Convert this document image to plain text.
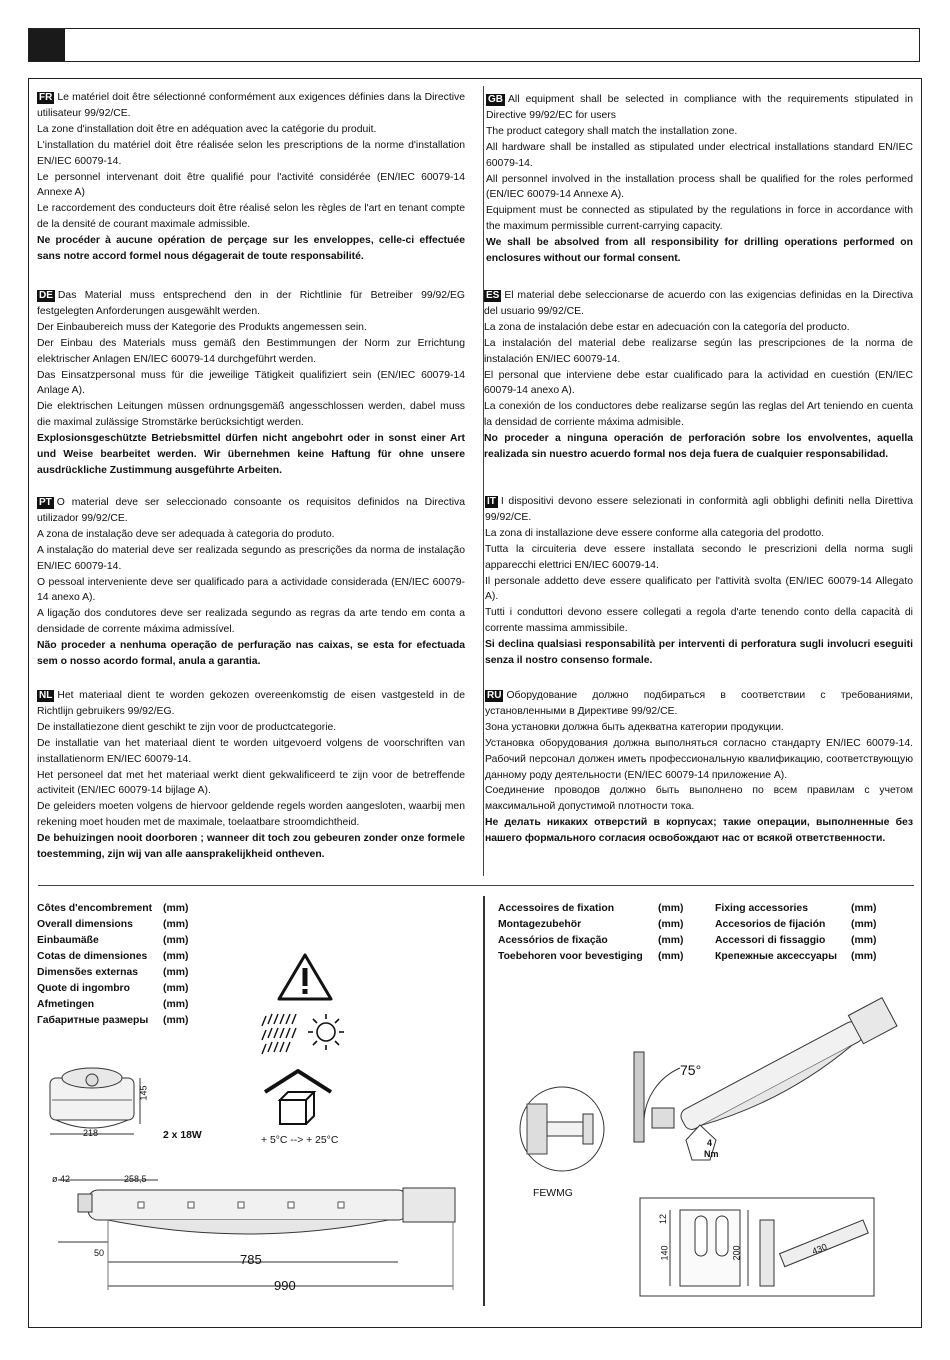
FR Le matériel doit être sélectionné conformément aux exigences définies dans la Directive utilisateur 99/92/CE.

La zone d'installation doit être en adéquation avec la catégorie du produit.

L'installation du matériel doit être réalisée selon les prescriptions de la norme d'installation EN/IEC 60079-14.

Le personnel intervenant doit être qualifié pour l'activité considérée (EN/IEC 60079-14 Annexe A)

Le raccordement des conducteurs doit être réalisé selon les règles de l'art en tenant compte de la densité de courant maximale admissible.

Ne procéder à aucune opération de perçage sur les enveloppes, celle-ci effectuée sans notre accord formel nous dégagerait de toute responsabilité.

GB All equipment shall be selected in compliance with the requirements stipulated in Directive 99/92/EC for users

The product category shall match the installation zone.

All hardware shall be installed as stipulated under electrical installations standard EN/IEC 60079-14.

All personnel involved in the installation process shall be qualified for the roles performed (EN/IEC 60079-14 Annexe A).

Equipment must be connected as stipulated by the regulations in force in accordance with the maximum permissible current-carrying capacity.

We shall be absolved from all responsibility for drilling operations performed on enclosures without our formal consent.

DE Das Material muss entsprechend den in der Richtlinie für Betreiber 99/92/EG festgelegten Anforderungen ausgewählt werden.

Der Einbaubereich muss der Kategorie des Produkts angemessen sein.

Der Einbau des Materials muss gemäß den Bestimmungen der Norm zur Errichtung elektrischer Anlagen EN/IEC 60079-14 durchgeführt werden.

Das Einsatzpersonal muss für die jeweilige Tätigkeit qualifiziert sein (EN/IEC 60079-14 Anlage A).

Die elektrischen Leitungen müssen ordnungsgemäß angesschlossen werden, dabel muss die maximal zulässige Stromstärke berücksichtigt werden.

Explosionsgeschützte Betriebsmittel dürfen nicht angebohrt oder in sonst einer Art und Weise bearbeitet werden. Wir übernehmen keine Haftung für ohne unsere ausdrückliche Zustimmung ausgeführte Arbeiten.

ES El material debe seleccionarse de acuerdo con las exigencias definidas en la Directiva del usuario 99/92/CE.

La zona de instalación debe estar en adecuación con la categoría del producto.

La instalación del material debe realizarse según las prescripciones de la norma de instalación EN/IEC 60079-14.

El personal que interviene debe estar cualificado para la actividad en cuestión (EN/IEC 60079-14 anexo A).

La conexión de los conductores debe realizarse según las reglas del Art teniendo en cuenta la densidad de corriente máxima admisible.

No proceder a ninguna operación de perforación sobre los envolventes, aquella realizada sin nuestro acuerdo formal nos deja fuera de cualquier responsabilidad.

PT O material deve ser seleccionado consoante os requisitos definidos na Directiva utilizador 99/92/CE.

A zona de instalação deve ser adequada à categoria do produto.

A instalação do material deve ser realizada segundo as prescrições da norma de instalação EN/IEC 60079-14.

O pessoal interveniente deve ser qualificado para a actividade considerada (EN/IEC 60079-14 anexo A).

A ligação dos condutores deve ser realizada segundo as regras da arte tendo em conta a densidade de corrente máxima admissível.

Não proceder a nenhuma operação de perfuração nas caixas, se esta for efectuada sem o nosso acordo formal, anula a garantia.

IT I dispositivi devono essere selezionati in conformità agli obblighi definiti nella Direttiva 99/92/CE.

La zona di installazione deve essere conforme alla categoria del prodotto.

Tutta la circuiteria deve essere installata secondo le prescrizioni della norma sugli apparecchi elettrici EN/IEC 60079-14.

Il personale addetto deve essere qualificato per l'attività svolta (EN/IEC 60079-14 Allegato A).

Tutti i conduttori devono essere collegati a regola d'arte tenendo conto della capacità di corrente massima ammissibile.

Si declina qualsiasi responsabilità per interventi di perforatura sugli involucri eseguiti senza il nostro consenso formale.

NL Het materiaal dient te worden gekozen overeenkomstig de eisen vastgesteld in de Richtlijn gebruikers 99/92/EG.

De installatiezone dient geschikt te zijn voor de productcategorie.

De installatie van het materiaal dient te worden uitgevoerd volgens de voorschriften van installatienorm EN/IEC 60079-14.

Het personeel dat met het materiaal werkt dient gekwalificeerd te zijn voor de betreffende activiteit (EN/IEC 60079-14 bijlage A).

De geleiders moeten volgens de hiervoor geldende regels worden aangesloten, waarbij men rekening moet houden met de maximale, toelaatbare stroomdichtheid.

De behuizingen nooit doorboren ; wanneer dit toch zou gebeuren zonder onze formele toestemming, zijn wij van alle aansprakelijkheid ontheven.

RU Оборудование должно подбираться в соответствии с требованиями, установленными в Директиве 99/92/CE.

Зона установки должна быть адекватна категории продукции.

Установка оборудования должна выполняться согласно стандарту EN/IEC 60079-14. Рабочий персонал должен иметь профессиональную квалификацию, соответствующую данному роду деятельности (EN/IEC 60079-14 приложение A).

Соединение проводов должно быть выполнено по всем правилам с учетом максимальной допустимой плотности тока.

Не делать никаких отверстий в корпусах; такие операции, выполненные без нашего формального согласия освобождают нас от всякой ответственности.

Côtes d'encombrement	(mm)
Overall dimensions	(mm)
Einbaumäße	(mm)
Cotas de dimensiones	(mm)
Dimensões externas	(mm)
Quote di ingombro	(mm)
Afmetingen	(mm)
Габаритные размеры	(mm)
Accessoires de fixation	(mm)	Fixing accessories	(mm)
Montagezubehör	(mm)	Accesorios de fijación	(mm)
Acessórios de fixação	(mm)	Accessori di fissaggio	(mm)
Toebehoren voor bevestiging	(mm)	Крепежные аксессуары	(mm)
2 x 18W	+ 5°C --> + 25°C
145
218
ø 42	258,5
50	785
990
75°
4
Nm
FEWMG
12
140	200	430
